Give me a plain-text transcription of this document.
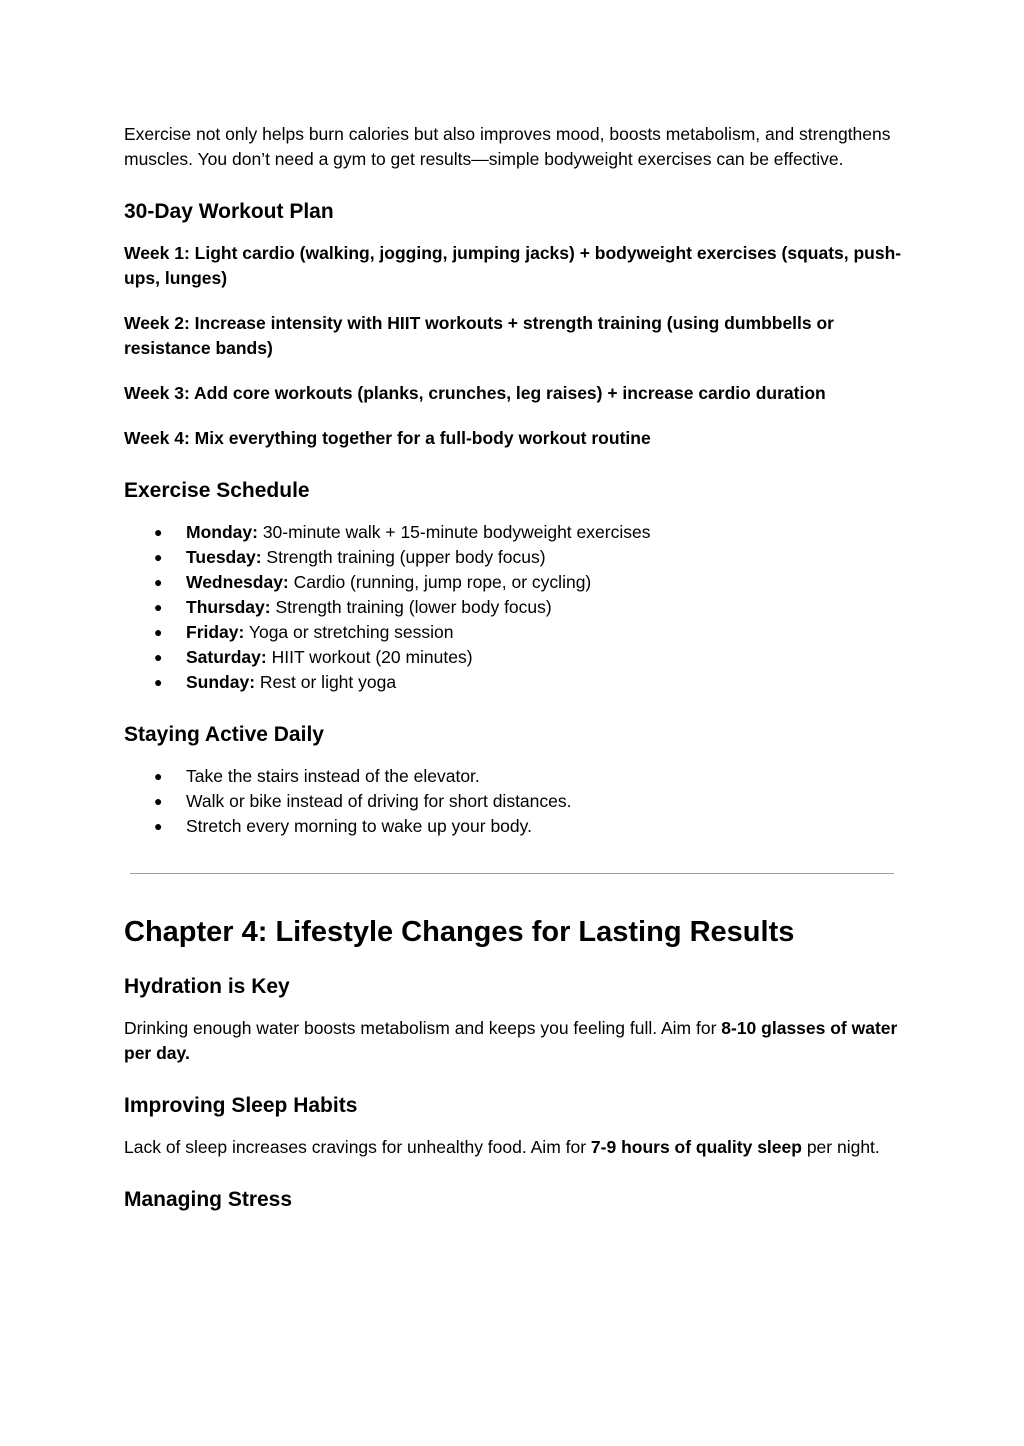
Exercise not only helps burn calories but also improves mood, boosts metabolism, and strengthens muscles. You don’t need a gym to get results—simple bodyweight exercises can be effective.

30-Day Workout Plan

Week 1: Light cardio (walking, jogging, jumping jacks) + bodyweight exercises (squats, push-ups, lunges)

Week 2: Increase intensity with HIIT workouts + strength training (using dumbbells or resistance bands)

Week 3: Add core workouts (planks, crunches, leg raises) + increase cardio duration

Week 4: Mix everything together for a full-body workout routine

Exercise Schedule
● Monday: 30-minute walk + 15-minute bodyweight exercises
● Tuesday: Strength training (upper body focus)
● Wednesday: Cardio (running, jump rope, or cycling)
● Thursday: Strength training (lower body focus)
● Friday: Yoga or stretching session
● Saturday: HIIT workout (20 minutes)
● Sunday: Rest or light yoga
Staying Active Daily
● Take the stairs instead of the elevator.
● Walk or bike instead of driving for short distances.
● Stretch every morning to wake up your body.
Chapter 4: Lifestyle Changes for Lasting Results
Hydration is Key

Drinking enough water boosts metabolism and keeps you feeling full. Aim for 8-10 glasses of water per day.

Improving Sleep Habits

Lack of sleep increases cravings for unhealthy food. Aim for 7-9 hours of quality sleep per night.

Managing Stress
